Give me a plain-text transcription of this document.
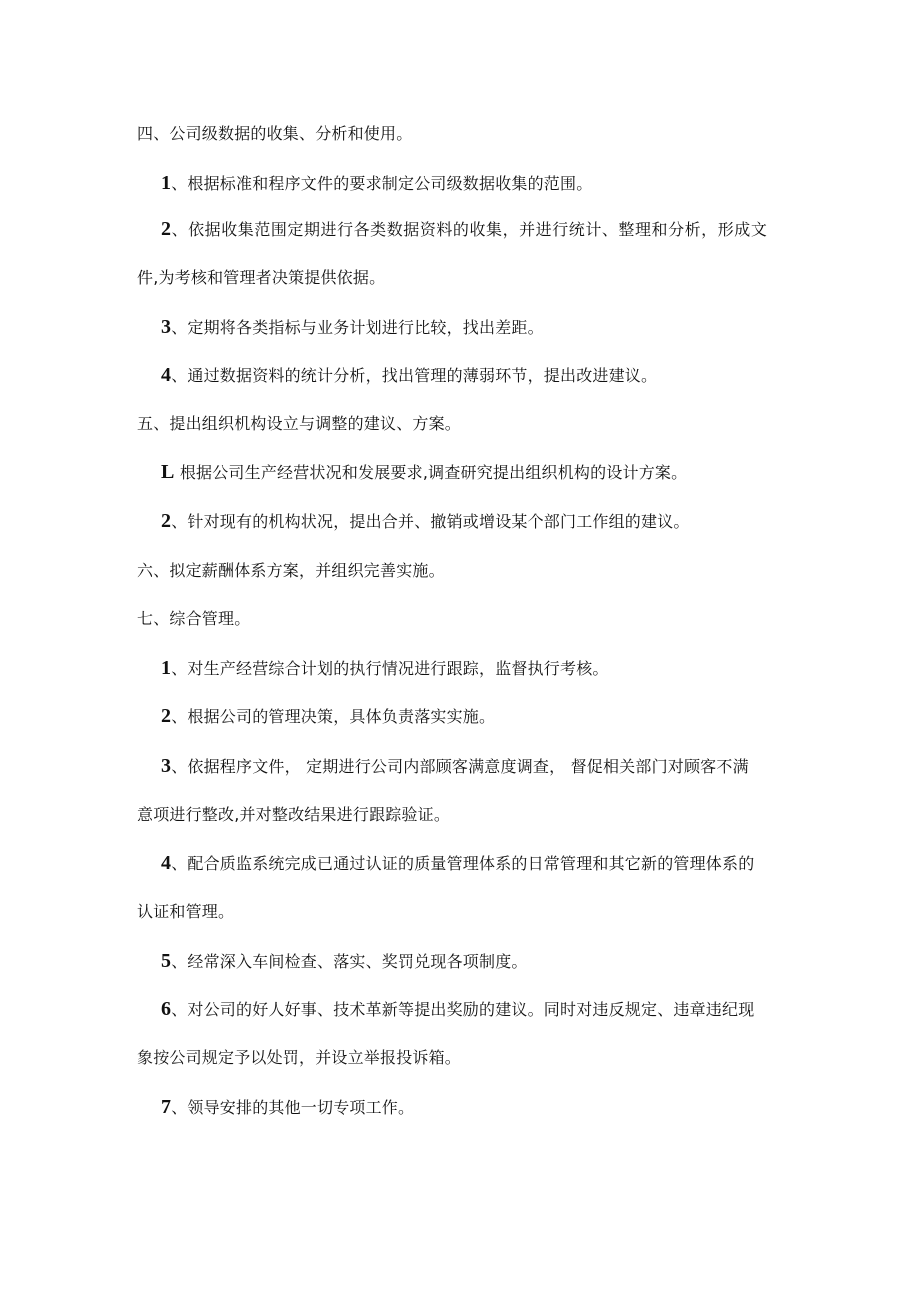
四、公司级数据的收集、分析和使用。
1、根据标准和程序文件的要求制定公司级数据收集的范围。
2、依据收集范围定期进行各类数据资料的收集，并进行统计、整理和分析，形成文
件,为考核和管理者决策提供依据。
3、定期将各类指标与业务计划进行比较，找出差距。
4、通过数据资料的统计分析，找出管理的薄弱环节，提出改进建议。
五、提出组织机构设立与调整的建议、方案。
L 根据公司生产经营状况和发展要求,调查研究提出组织机构的设计方案。
2、针对现有的机构状况，提出合并、撤销或增设某个部门工作组的建议。
六、拟定薪酬体系方案，并组织完善实施。
七、综合管理。
1、对生产经营综合计划的执行情况进行跟踪，监督执行考核。
2、根据公司的管理决策，具体负责落实实施。
3、依据程序文件， 定期进行公司内部顾客满意度调查， 督促相关部门对顾客不满
意项进行整改,并对整改结果进行跟踪验证。
4、配合质监系统完成已通过认证的质量管理体系的日常管理和其它新的管理体系的
认证和管理。
5、经常深入车间检查、落实、奖罚兑现各项制度。
6、对公司的好人好事、技术革新等提出奖励的建议。同时对违反规定、违章违纪现
象按公司规定予以处罚，并设立举报投诉箱。
7、领导安排的其他一切专项工作。
